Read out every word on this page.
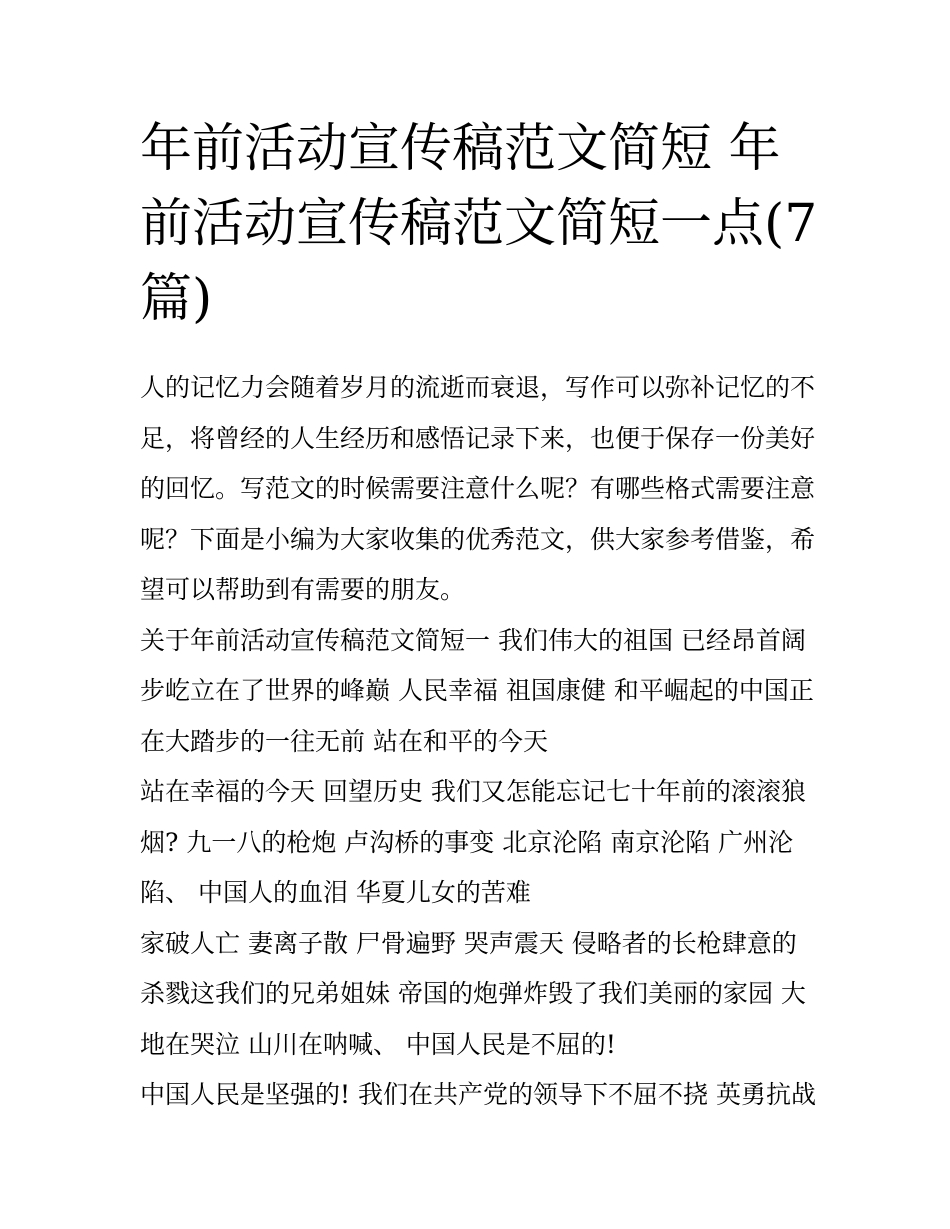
年前活动宣传稿范文简短 年前活动宣传稿范文简短一点(7篇)

人的记忆力会随着岁月的流逝而衰退，写作可以弥补记忆的不足，将曾经的人生经历和感悟记录下来，也便于保存一份美好的回忆。写范文的时候需要注意什么呢？有哪些格式需要注意呢？下面是小编为大家收集的优秀范文，供大家参考借鉴，希望可以帮助到有需要的朋友。

关于年前活动宣传稿范文简短一 我们伟大的祖国 已经昂首阔步屹立在了世界的峰巅 人民幸福 祖国康健 和平崛起的中国正在大踏步的一往无前 站在和平的今天

站在幸福的今天 回望历史 我们又怎能忘记七十年前的滚滚狼烟? 九一八的枪炮 卢沟桥的事变 北京沦陷 南京沦陷 广州沦陷、 中国人的血泪 华夏儿女的苦难

家破人亡 妻离子散 尸骨遍野 哭声震天 侵略者的长枪肆意的杀戮这我们的兄弟姐妹 帝国的炮弹炸毁了我们美丽的家园 大地在哭泣 山川在呐喊、 中国人民是不屈的!

中国人民是坚强的! 我们在共产党的领导下不屈不挠 英勇抗战
